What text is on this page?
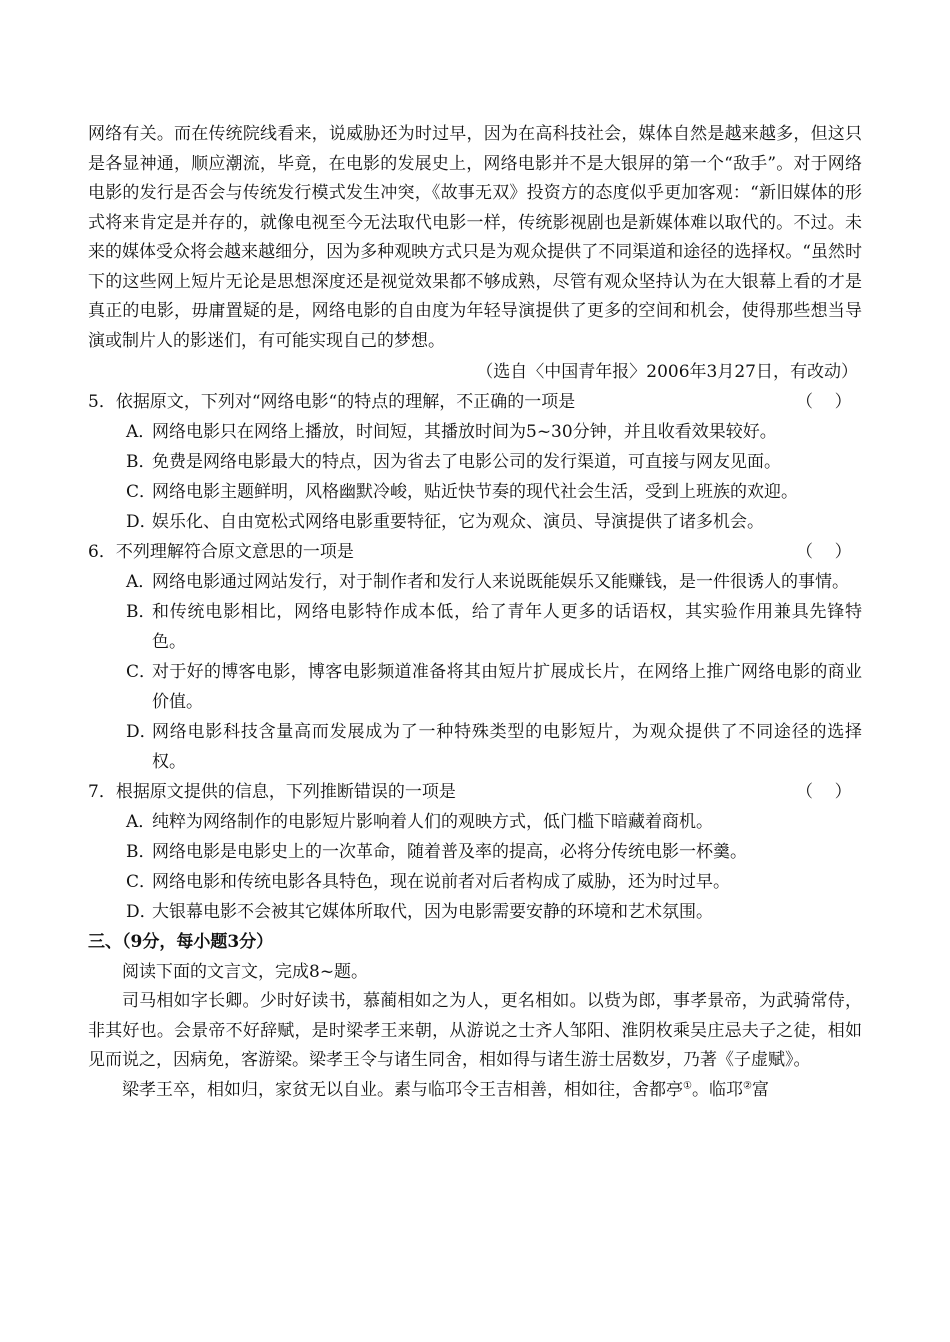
网络有关。而在传统院线看来，说威胁还为时过早，因为在高科技社会，媒体自然是越来越多，但这只是各显神通，顺应潮流，毕竟，在电影的发展史上，网络电影并不是大银屏的第一个“敌手”。对于网络电影的发行是否会与传统发行模式发生冲突，《故事无双》投资方的态度似乎更加客观：“新旧媒体的形式将来肯定是并存的，就像电视至今无法取代电影一样，传统影视剧也是新媒体难以取代的。不过。未来的媒体受众将会越来越细分，因为多种观映方式只是为观众提供了不同渠道和途径的选择权。“虽然时下的这些网上短片无论是思想深度还是视觉效果都不够成熟，尽管有观众坚持认为在大银幕上看的才是真正的电影，毋庸置疑的是，网络电影的自由度为年轻导演提供了更多的空间和机会，使得那些想当导演或制片人的影迷们，有可能实现自己的梦想。

（选自〈中国青年报〉2006年3月27日，有改动）

5．依据原文，下列对“网络电影“的特点的理解，不正确的一项是	（    ）
A．
网络电影只在网络上播放，时间短，其播放时间为5~30分钟，并且收看效果较好。
B．
免费是网络电影最大的特点，因为省去了电影公司的发行渠道，可直接与网友见面。
C．
网络电影主题鲜明，风格幽默冷峻，贴近快节奏的现代社会生活，受到上班族的欢迎。
D．
娱乐化、自由宽松式网络电影重要特征，它为观众、演员、导演提供了诸多机会。
6．不列理解符合原文意思的一项是	（    ）
A．
网络电影通过网站发行，对于制作者和发行人来说既能娱乐又能赚钱，是一件很诱人的事情。
B．
和传统电影相比，网络电影特作成本低，给了青年人更多的话语权，其实验作用兼具先锋特色。
C．
对于好的博客电影，博客电影频道准备将其由短片扩展成长片，在网络上推广网络电影的商业价值。
D．
网络电影科技含量高而发展成为了一种特殊类型的电影短片，为观众提供了不同途径的选择权。
7．根据原文提供的信息，下列推断错误的一项是	（    ）
A．
纯粹为网络制作的电影短片影响着人们的观映方式，低门槛下暗藏着商机。
B．
网络电影是电影史上的一次革命，随着普及率的提高，必将分传统电影一杯羹。
C．
网络电影和传统电影各具特色，现在说前者对后者构成了威胁，还为时过早。
D．
大银幕电影不会被其它媒体所取代，因为电影需要安静的环境和艺术氛围。
三、（9分，每小题3分）

阅读下面的文言文，完成8~题。

司马相如字长卿。少时好读书，慕蔺相如之为人，更名相如。以赀为郎，事孝景帝，为武骑常侍，非其好也。会景帝不好辞赋，是时梁孝王来朝，从游说之士齐人邹阳、淮阴枚乘吴庄忌夫子之徒，相如见而说之，因病免，客游梁。梁孝王令与诸生同舍，相如得与诸生游士居数岁，乃著《子虚赋》。

梁孝王卒，相如归，家贫无以自业。素与临邛令王吉相善，相如往，舍都亭①。临邛②富
